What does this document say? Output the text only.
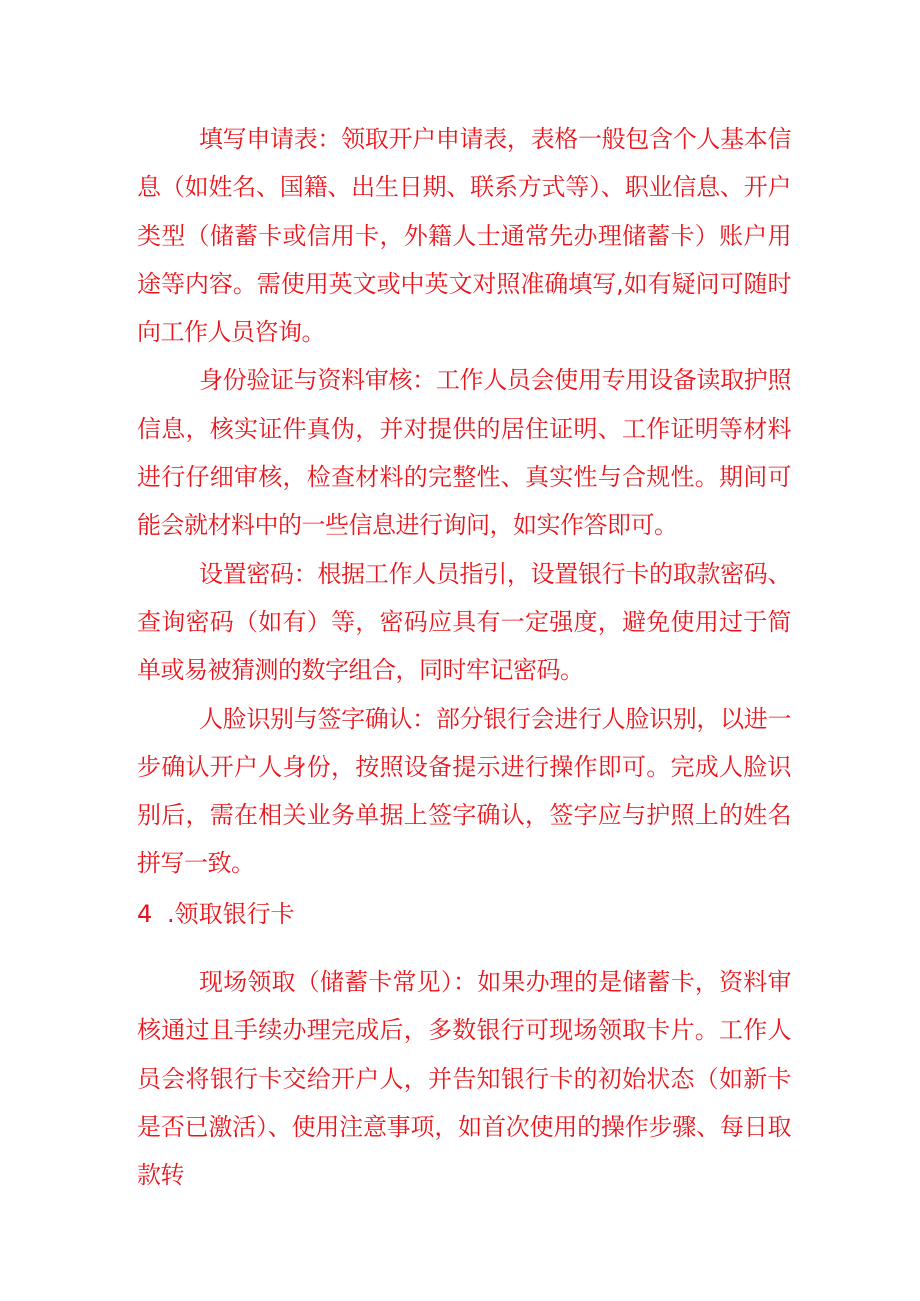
填写申请表：领取开户申请表，表格一般包含个人基本信息（如姓名、国籍、出生日期、联系方式等）、职业信息、开户类型（储蓄卡或信用卡，外籍人士通常先办理储蓄卡）账户用途等内容。需使用英文或中英文对照准确填写,如有疑问可随时向工作人员咨询。

身份验证与资料审核：工作人员会使用专用设备读取护照信息，核实证件真伪，并对提供的居住证明、工作证明等材料进行仔细审核，检查材料的完整性、真实性与合规性。期间可能会就材料中的一些信息进行询问，如实作答即可。

设置密码：根据工作人员指引，设置银行卡的取款密码、查询密码（如有）等，密码应具有一定强度，避免使用过于简单或易被猜测的数字组合，同时牢记密码。

人脸识别与签字确认：部分银行会进行人脸识别，以进一步确认开户人身份，按照设备提示进行操作即可。完成人脸识别后，需在相关业务单据上签字确认，签字应与护照上的姓名拼写一致。

4 .领取银行卡

现场领取（储蓄卡常见）：如果办理的是储蓄卡，资料审核通过且手续办理完成后，多数银行可现场领取卡片。工作人员会将银行卡交给开户人，并告知银行卡的初始状态（如新卡是否已激活）、使用注意事项，如首次使用的操作步骤、每日取款转
